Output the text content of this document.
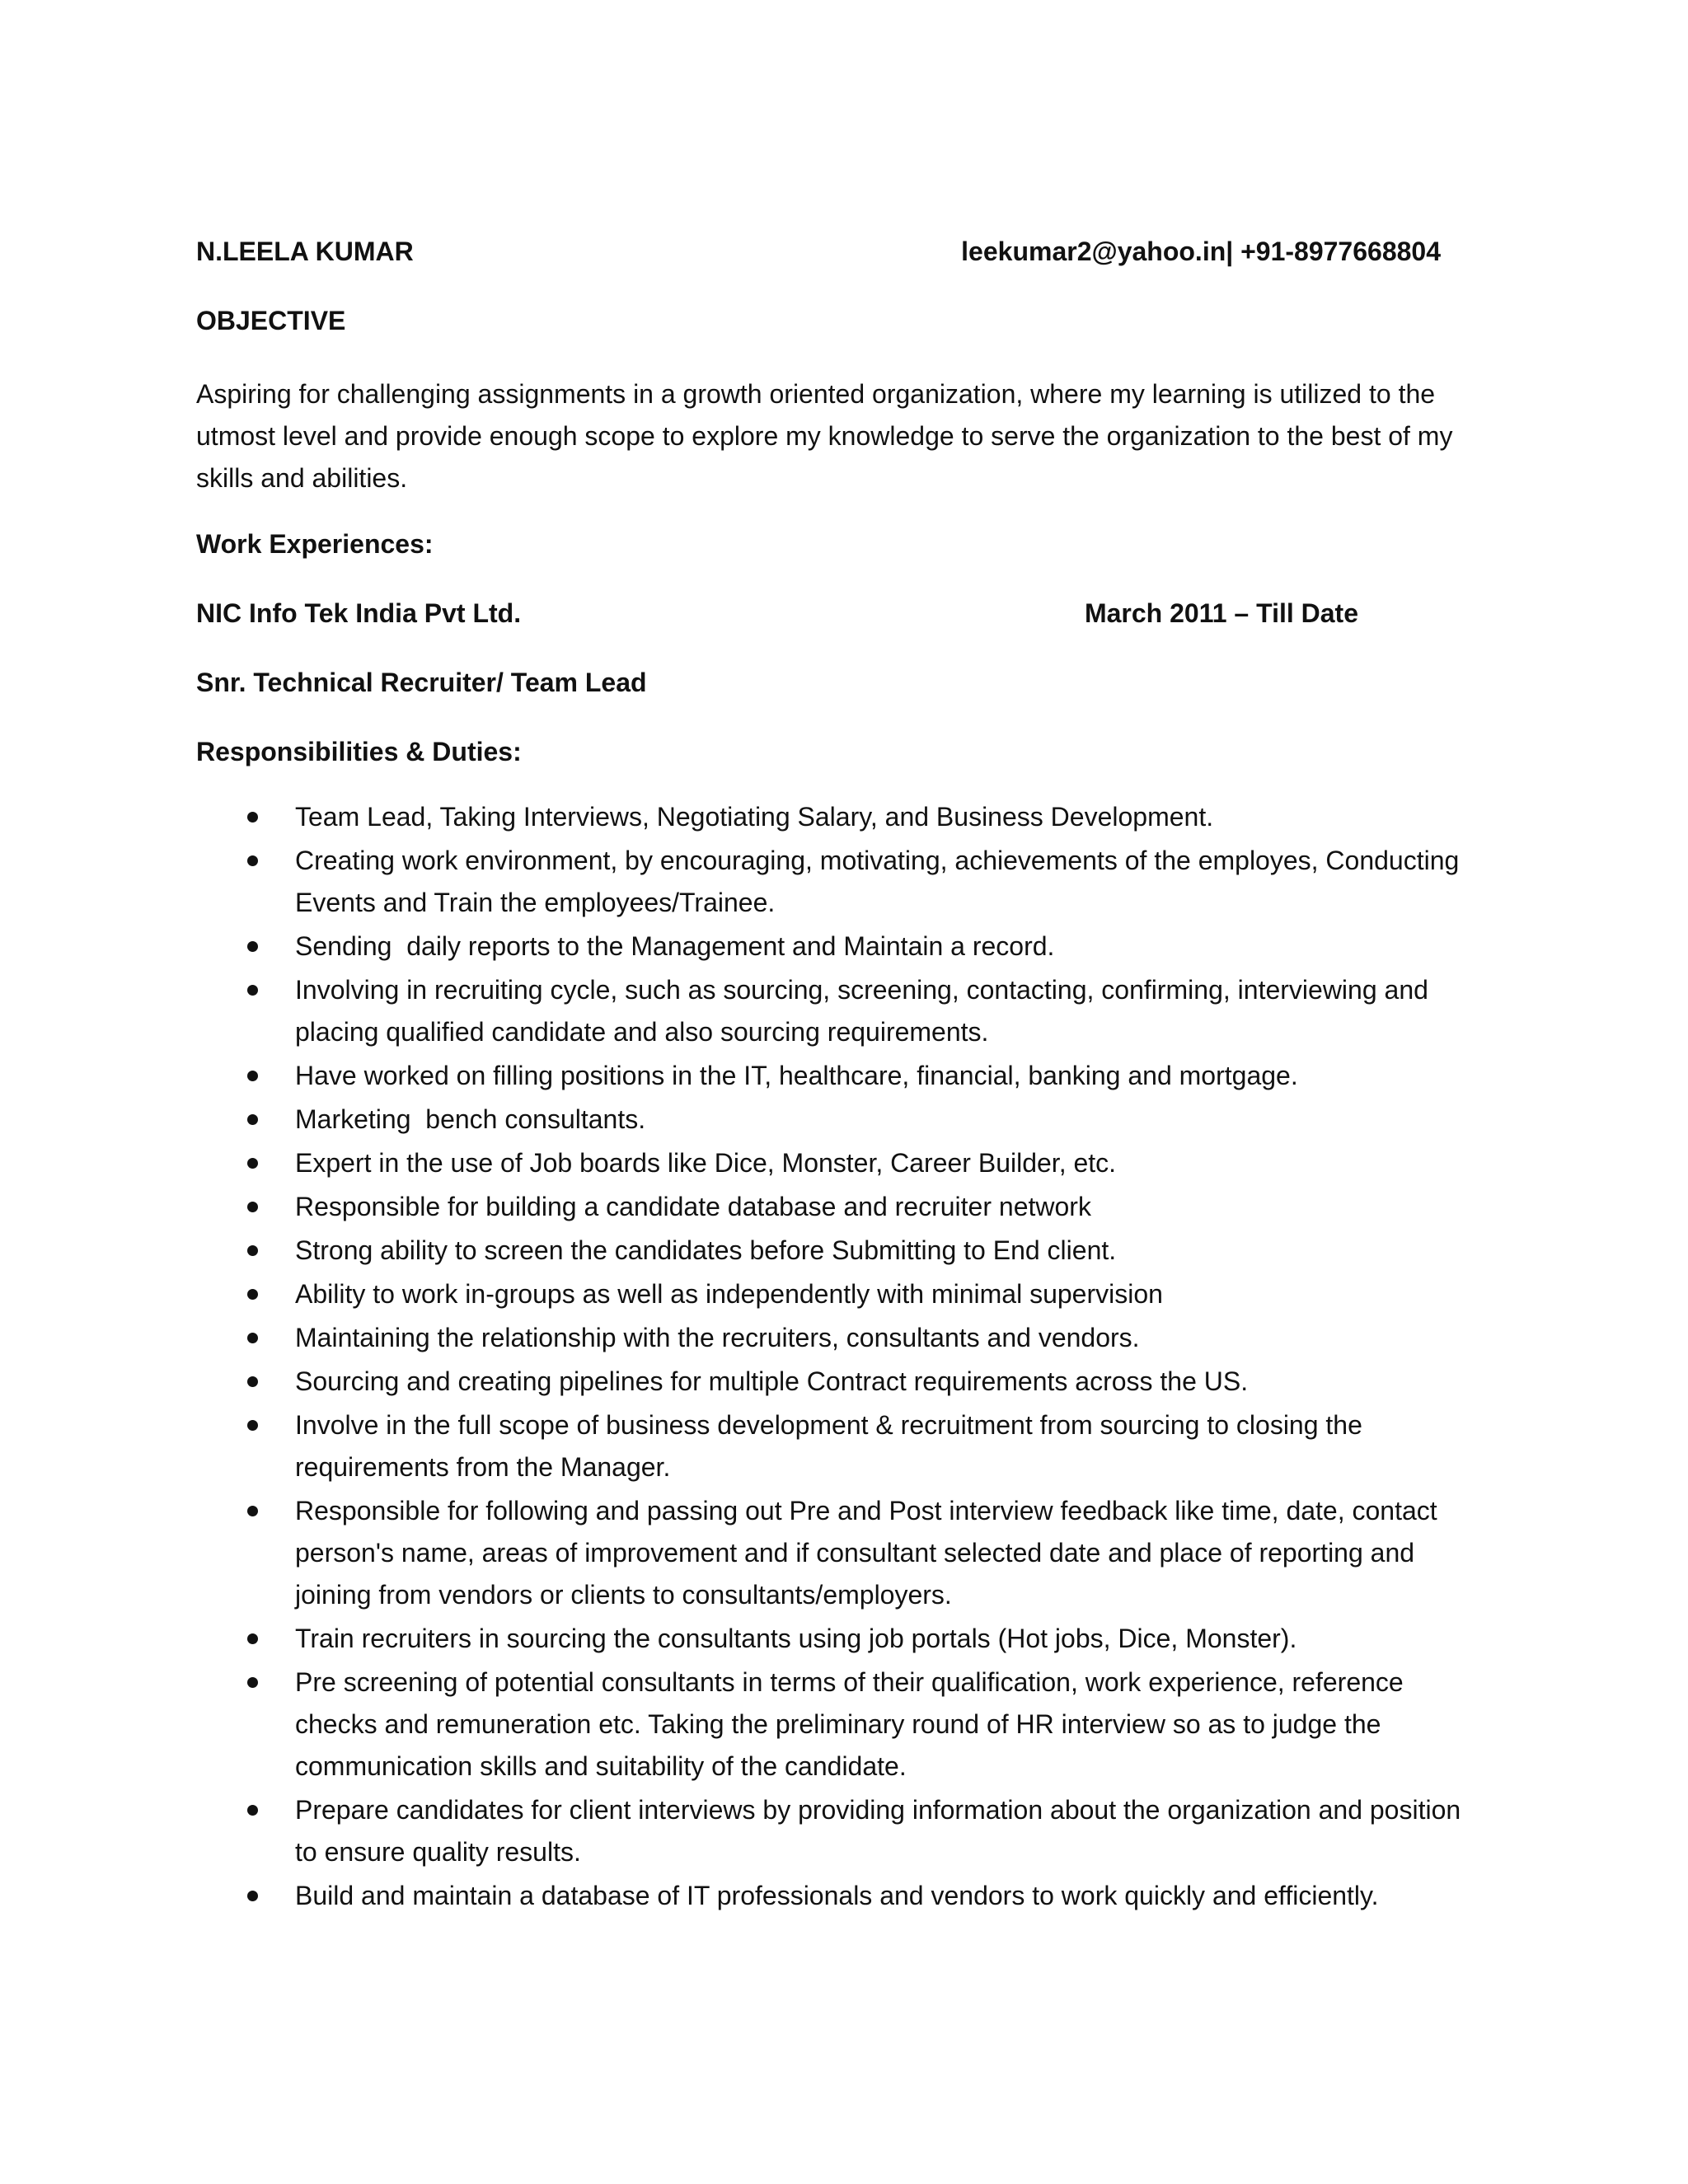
N.LEELA KUMAR	leekumar2@yahoo.in | +91-8977668804
OBJECTIVE
Aspiring for challenging assignments in a growth oriented organization, where my learning is utilized to the utmost level and provide enough scope to explore my knowledge to serve the organization to the best of my skills and abilities.
Work Experiences:
NIC Info Tek India Pvt Ltd.	March 2011 – Till Date
Snr. Technical Recruiter/ Team Lead
Responsibilities & Duties:
Team Lead, Taking Interviews, Negotiating Salary, and Business Development.
Creating work environment, by encouraging, motivating, achievements of the employes, Conducting Events and Train the employees/Trainee.
Sending  daily reports to the Management and Maintain a record.
Involving in recruiting cycle, such as sourcing, screening, contacting, confirming, interviewing and placing qualified candidate and also sourcing requirements.
Have worked on filling positions in the IT, healthcare, financial, banking and mortgage.
Marketing  bench consultants.
Expert in the use of Job boards like Dice, Monster, Career Builder, etc.
Responsible for building a candidate database and recruiter network
Strong ability to screen the candidates before Submitting to End client.
Ability to work in-groups as well as independently with minimal supervision
Maintaining the relationship with the recruiters, consultants and vendors.
Sourcing and creating pipelines for multiple Contract requirements across the US.
Involve in the full scope of business development & recruitment from sourcing to closing the requirements from the Manager.
Responsible for following and passing out Pre and Post interview feedback like time, date, contact person's name, areas of improvement and if consultant selected date and place of reporting and joining from vendors or clients to consultants/employers.
Train recruiters in sourcing the consultants using job portals (Hot jobs, Dice, Monster).
Pre screening of potential consultants in terms of their qualification, work experience, reference checks and remuneration etc. Taking the preliminary round of HR interview so as to judge the communication skills and suitability of the candidate.
Prepare candidates for client interviews by providing information about the organization and position to ensure quality results.
Build and maintain a database of IT professionals and vendors to work quickly and efficiently.
